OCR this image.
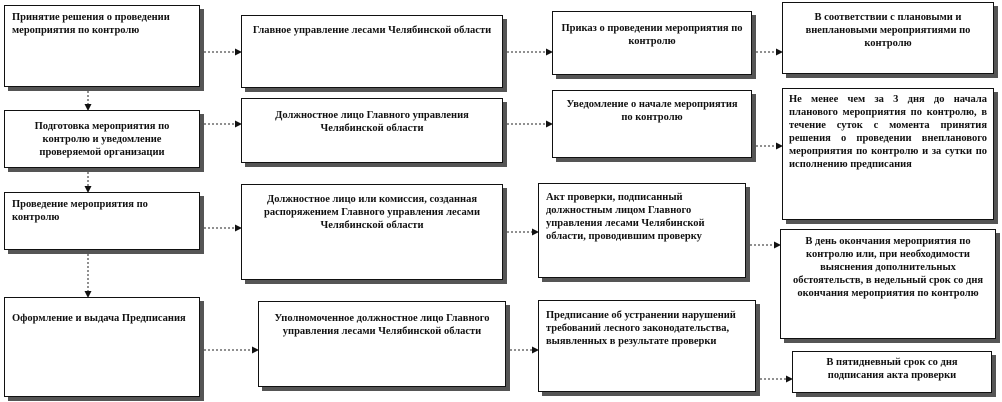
Принятие решения о проведении мероприятия по контролю
Подготовка мероприятия по контролю и уведомление проверяемой организации
Проведение мероприятия по контролю
Оформление и выдача Предписания
Главное управление лесами Челябинской области
Должностное лицо Главного управления Челябинской области
Должностное лицо или комиссия, созданная распоряжением Главного управления лесами Челябинской области
Уполномоченное должностное лицо Главного управления лесами Челябинской области
Приказ о проведении мероприятия по контролю
Уведомление о начале мероприятия по контролю
Акт проверки, подписанный должностным лицом Главного управления лесами Челябинской области, проводившим проверку
Предписание об устранении нарушений требований лесного законодательства, выявленных в результате проверки
В соответствии с плановыми и внеплановыми мероприятиями по контролю
Не менее чем за 3 дня до начала планового мероприятия по контролю, в течение суток с момента принятия решения о проведении внепланового мероприятия по контролю и за сутки по исполнению предписания
В день окончания мероприятия по контролю или, при необходимости выяснения дополнительных обстоятельств, в недельный срок со дня окончания мероприятия по контролю
В пятидневный срок со дня подписания акта проверки
